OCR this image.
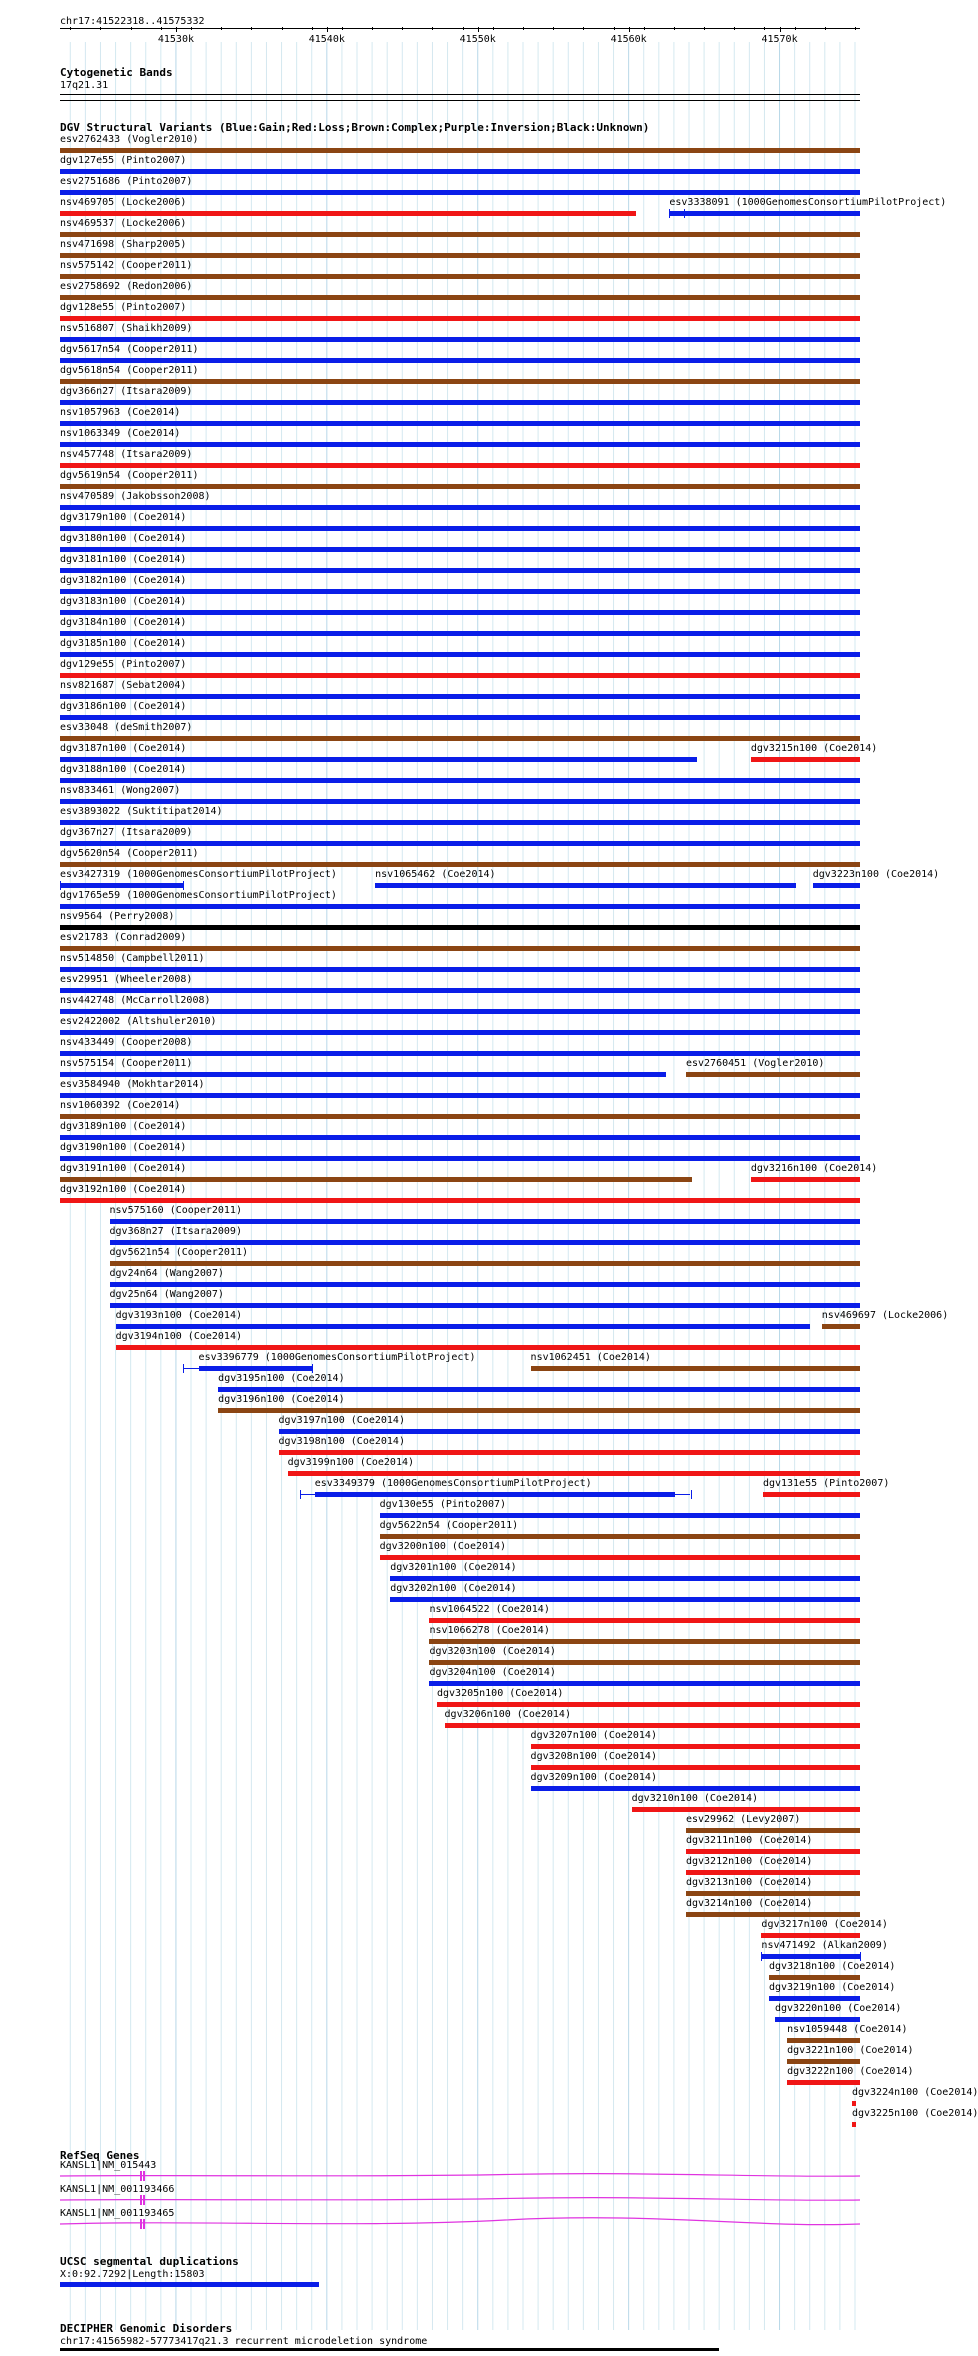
chr17:41522318..41575332
41530k	41540k	41550k	41560k	41570k
Cytogenetic Bands
17q21.31
DGV Structural Variants (Blue:Gain;Red:Loss;Brown:Complex;Purple:Inversion;Black:Unknown)
esv2762433 (Vogler2010)
dgv127e55 (Pinto2007)
esv2751686 (Pinto2007)
nsv469705 (Locke2006)	esv3338091 (1000GenomesConsortiumPilotProject)
nsv469537 (Locke2006)
nsv471698 (Sharp2005)
nsv575142 (Cooper2011)
esv2758692 (Redon2006)
dgv128e55 (Pinto2007)
nsv516807 (Shaikh2009)
dgv5617n54 (Cooper2011)
dgv5618n54 (Cooper2011)
dgv366n27 (Itsara2009)
nsv1057963 (Coe2014)
nsv1063349 (Coe2014)
nsv457748 (Itsara2009)
dgv5619n54 (Cooper2011)
nsv470589 (Jakobsson2008)
dgv3179n100 (Coe2014)
dgv3180n100 (Coe2014)
dgv3181n100 (Coe2014)
dgv3182n100 (Coe2014)
dgv3183n100 (Coe2014)
dgv3184n100 (Coe2014)
dgv3185n100 (Coe2014)
dgv129e55 (Pinto2007)
nsv821687 (Sebat2004)
dgv3186n100 (Coe2014)
esv33048 (deSmith2007)
dgv3187n100 (Coe2014)	dgv3215n100 (Coe2014)
dgv3188n100 (Coe2014)
nsv833461 (Wong2007)
esv3893022 (Suktitipat2014)
dgv367n27 (Itsara2009)
dgv5620n54 (Cooper2011)
esv3427319 (1000GenomesConsortiumPilotProject)	nsv1065462 (Coe2014)	dgv3223n100 (Coe2014)
dgv1765e59 (1000GenomesConsortiumPilotProject)
nsv9564 (Perry2008)
esv21783 (Conrad2009)
nsv514850 (Campbell2011)
esv29951 (Wheeler2008)
nsv442748 (McCarroll2008)
esv2422002 (Altshuler2010)
nsv433449 (Cooper2008)
nsv575154 (Cooper2011)	esv2760451 (Vogler2010)
esv3584940 (Mokhtar2014)
nsv1060392 (Coe2014)
dgv3189n100 (Coe2014)
dgv3190n100 (Coe2014)
dgv3191n100 (Coe2014)	dgv3216n100 (Coe2014)
dgv3192n100 (Coe2014)
nsv575160 (Cooper2011)
dgv368n27 (Itsara2009)
dgv5621n54 (Cooper2011)
dgv24n64 (Wang2007)
dgv25n64 (Wang2007)
dgv3193n100 (Coe2014)	nsv469697 (Locke2006)
dgv3194n100 (Coe2014)
esv3396779 (1000GenomesConsortiumPilotProject)	nsv1062451 (Coe2014)
dgv3195n100 (Coe2014)
dgv3196n100 (Coe2014)
dgv3197n100 (Coe2014)
dgv3198n100 (Coe2014)
dgv3199n100 (Coe2014)
esv3349379 (1000GenomesConsortiumPilotProject)	dgv131e55 (Pinto2007)
dgv130e55 (Pinto2007)
dgv5622n54 (Cooper2011)
dgv3200n100 (Coe2014)
dgv3201n100 (Coe2014)
dgv3202n100 (Coe2014)
nsv1064522 (Coe2014)
nsv1066278 (Coe2014)
dgv3203n100 (Coe2014)
dgv3204n100 (Coe2014)
dgv3205n100 (Coe2014)
dgv3206n100 (Coe2014)
dgv3207n100 (Coe2014)
dgv3208n100 (Coe2014)
dgv3209n100 (Coe2014)
dgv3210n100 (Coe2014)
esv29962 (Levy2007)
dgv3211n100 (Coe2014)
dgv3212n100 (Coe2014)
dgv3213n100 (Coe2014)
dgv3214n100 (Coe2014)
dgv3217n100 (Coe2014)
nsv471492 (Alkan2009)
dgv3218n100 (Coe2014)
dgv3219n100 (Coe2014)
dgv3220n100 (Coe2014)
nsv1059448 (Coe2014)
dgv3221n100 (Coe2014)
dgv3222n100 (Coe2014)
dgv3224n100 (Coe2014)
dgv3225n100 (Coe2014)
RefSeq Genes
KANSL1|NM_015443
KANSL1|NM_001193466
KANSL1|NM_001193465
UCSC segmental duplications
X:0:92.7292|Length:15803
DECIPHER Genomic Disorders
chr17:41565982-57773417q21.3 recurrent microdeletion syndrome
